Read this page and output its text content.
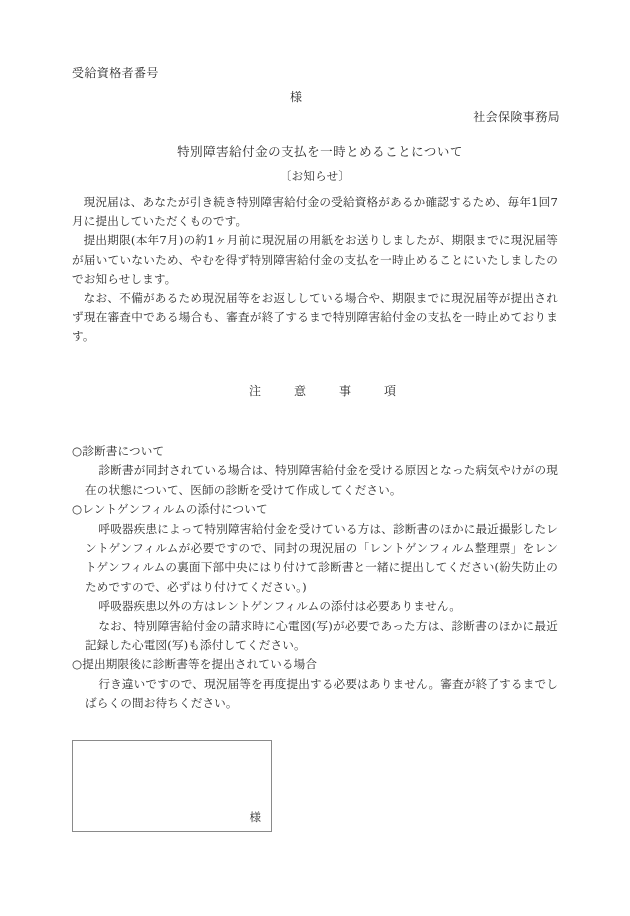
受給資格者番号
様
社会保険事務局
特別障害給付金の支払を一時とめることについて
〔お知らせ〕

現況届は、あなたが引き続き特別障害給付金の受給資格があるか確認するため、毎年1回7月に提出していただくものです。

提出期限(本年7月)の約1ヶ月前に現況届の用紙をお送りしましたが、期限までに現況届等が届いていないため、やむを得ず特別障害給付金の支払を一時止めることにいたしましたのでお知らせします。

なお、不備があるため現況届等をお返ししている場合や、期限までに現況届等が提出されず現在審査中である場合も、審査が終了するまで特別障害給付金の支払を一時止めております。

注	意	事	項

○診断書について

診断書が同封されている場合は、特別障害給付金を受ける原因となった病気やけがの現在の状態について、医師の診断を受けて作成してください。

○レントゲンフィルムの添付について

呼吸器疾患によって特別障害給付金を受けている方は、診断書のほかに最近撮影したレントゲンフィルムが必要ですので、同封の現況届の「レントゲンフィルム整理票」をレントゲンフィルムの裏面下部中央にはり付けて診断書と一緒に提出してください(紛失防止のためですので、必ずはり付けてください。)

呼吸器疾患以外の方はレントゲンフィルムの添付は必要ありません。

なお、特別障害給付金の請求時に心電図(写)が必要であった方は、診断書のほかに最近記録した心電図(写)も添付してください。

○提出期限後に診断書等を提出されている場合

行き違いですので、現況届等を再度提出する必要はありません。審査が終了するまでしばらくの間お待ちください。

様
